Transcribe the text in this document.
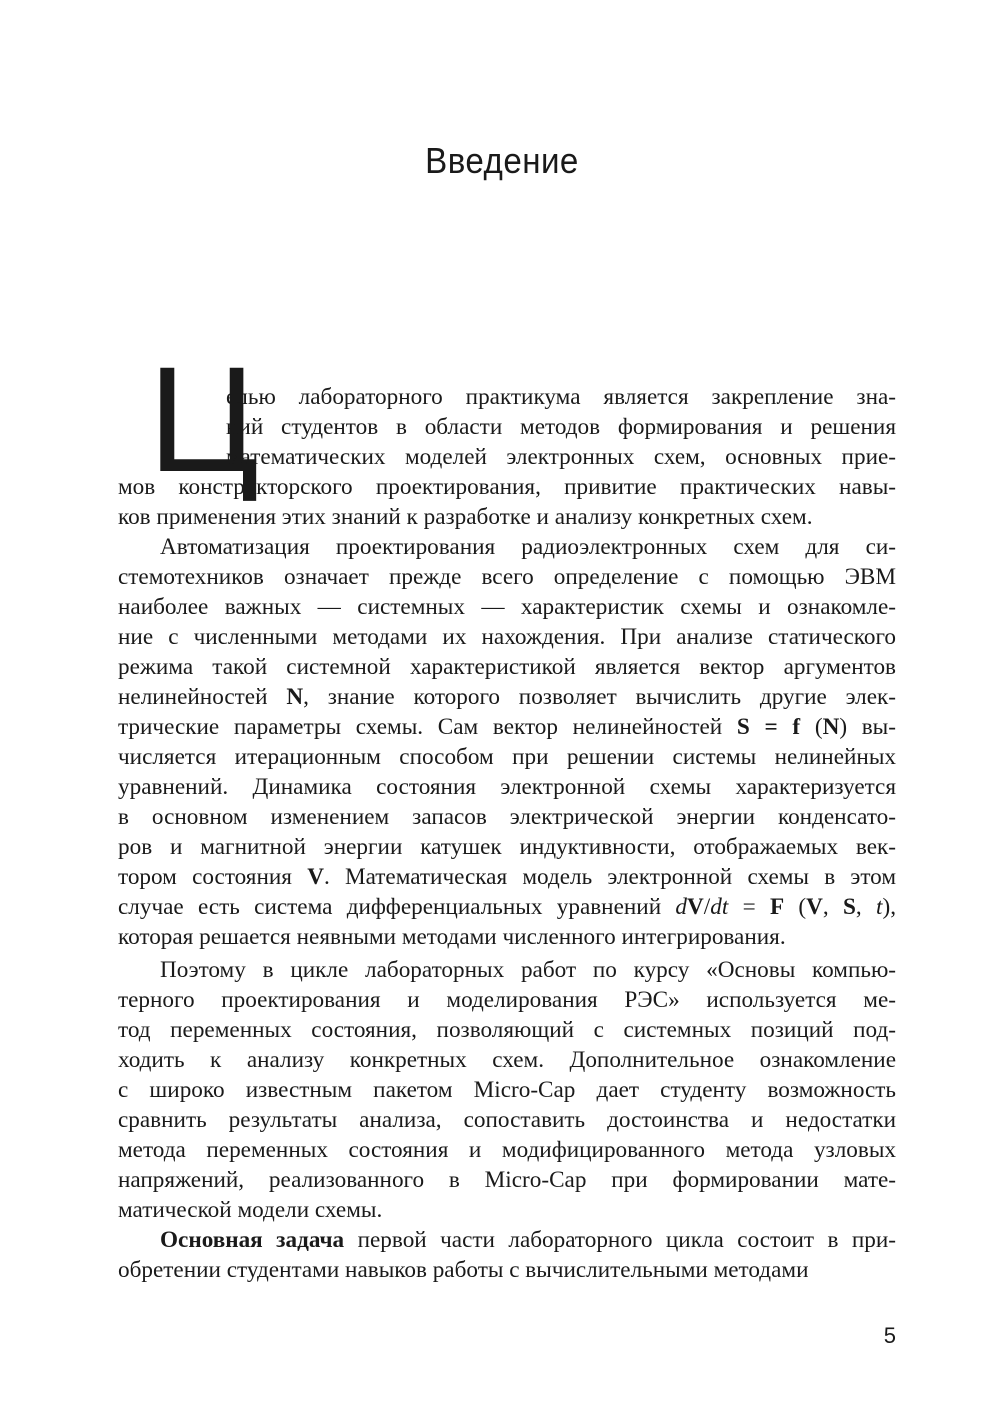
Введение
Ц
елью лабораторного практикума является закрепление зна-
ний студентов в области методов формирования и решения
математических моделей электронных схем, основных прие-
мов конструкторского проектирования, привитие практических навы-
ков применения этих знаний к разработке и анализу конкретных схем.
Автоматизация проектирования радиоэлектронных схем для си-
стемотехников означает прежде всего определение с помощью ЭВМ
наиболее важных — системных — характеристик схемы и ознакомле-
ние с численными методами их нахождения. При анализе статического
режима такой системной характеристикой является вектор аргументов
нелинейностей N, знание которого позволяет вычислить другие элек-
трические параметры схемы. Сам вектор нелинейностей S = f (N) вы-
числяется итерационным способом при решении системы нелинейных
уравнений. Динамика состояния электронной схемы характеризуется
в основном изменением запасов электрической энергии конденсато-
ров и магнитной энергии катушек индуктивности, отображаемых век-
тором состояния V. Математическая модель электронной схемы в этом
случае есть система дифференциальных уравнений dV/dt = F (V, S, t),
которая решается неявными методами численного интегрирования.
Поэтому в цикле лабораторных работ по курсу «Основы компью-
терного проектирования и моделирования РЭС» используется ме-
тод переменных состояния, позволяющий с системных позиций под-
ходить к анализу конкретных схем. Дополнительное ознакомление
с широко известным пакетом Micro-Cap дает студенту возможность
сравнить результаты анализа, сопоставить достоинства и недостатки
метода переменных состояния и модифицированного метода узловых
напряжений, реализованного в Micro-Cap при формировании мате-
матической модели схемы.
Основная задача первой части лабораторного цикла состоит в при-
обретении студентами навыков работы с вычислительными методами
5
